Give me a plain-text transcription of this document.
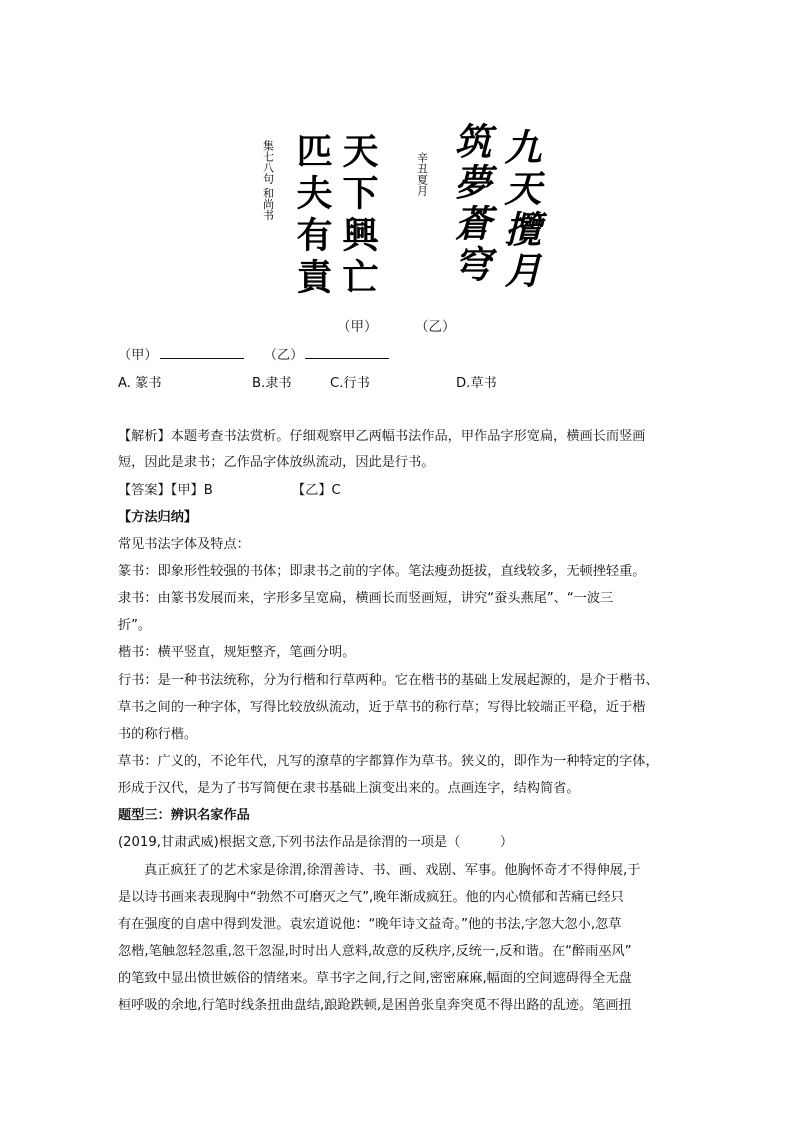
集七八句 和尚书 天下興亡
匹夫有責	辛丑夏月 九天攬月
筑夢蒼穹
（甲）	（乙）
（甲）	（乙）
A. 篆书	B.隶书	C.行书	D.草书
【解析】本题考查书法赏析。仔细观察甲乙两幅书法作品，甲作品字形宽扁，横画长而竖画
短，因此是隶书；乙作品字体放纵流动，因此是行书。
【答案】【甲】B	【乙】C
【方法归纳】
常见书法字体及特点：
篆书：即象形性较强的书体；即隶书之前的字体。笔法瘦劲挺拔，直线较多，无顿挫轻重。
隶书：由篆书发展而来，字形多呈宽扁，横画长而竖画短，讲究“蚕头燕尾”、“一波三
折”。
楷书：横平竖直，规矩整齐，笔画分明。
行书：是一种书法统称，分为行楷和行草两种。它在楷书的基础上发展起源的，是介于楷书、
草书之间的一种字体，写得比较放纵流动，近于草书的称行草；写得比较端正平稳，近于楷
书的称行楷。
草书：广义的，不论年代，凡写的潦草的字都算作为草书。狭义的，即作为一种特定的字体，
形成于汉代，是为了书写简便在隶书基础上演变出来的。点画连字，结构简省。
题型三：辨识名家作品
(2019,甘肃武威)根据文意,下列书法作品是徐渭的一项是（　　　）
真正疯狂了的艺术家是徐渭,徐渭善诗、书、画、戏剧、军事。他胸怀奇才不得伸展,于
是以诗书画来表现胸中“勃然不可磨灭之气”,晚年渐成疯狂。他的内心愤郁和苦痛已经只
有在强度的自虐中得到发泄。袁宏道说他：“晚年诗文益奇。”他的书法,字忽大忽小,忽草
忽楷,笔触忽轻忽重,忽干忽湿,时时出人意料,故意的反秩序,反统一,反和谐。在“醉雨巫风”
的笔致中显出愤世嫉俗的情绪来。草书字之间,行之间,密密麻麻,幅面的空间遮碍得全无盘
桓呼吸的余地,行笔时线条扭曲盘结,踉跄跌顿,是困兽张皇奔突觅不得出路的乱迹。笔画扭
